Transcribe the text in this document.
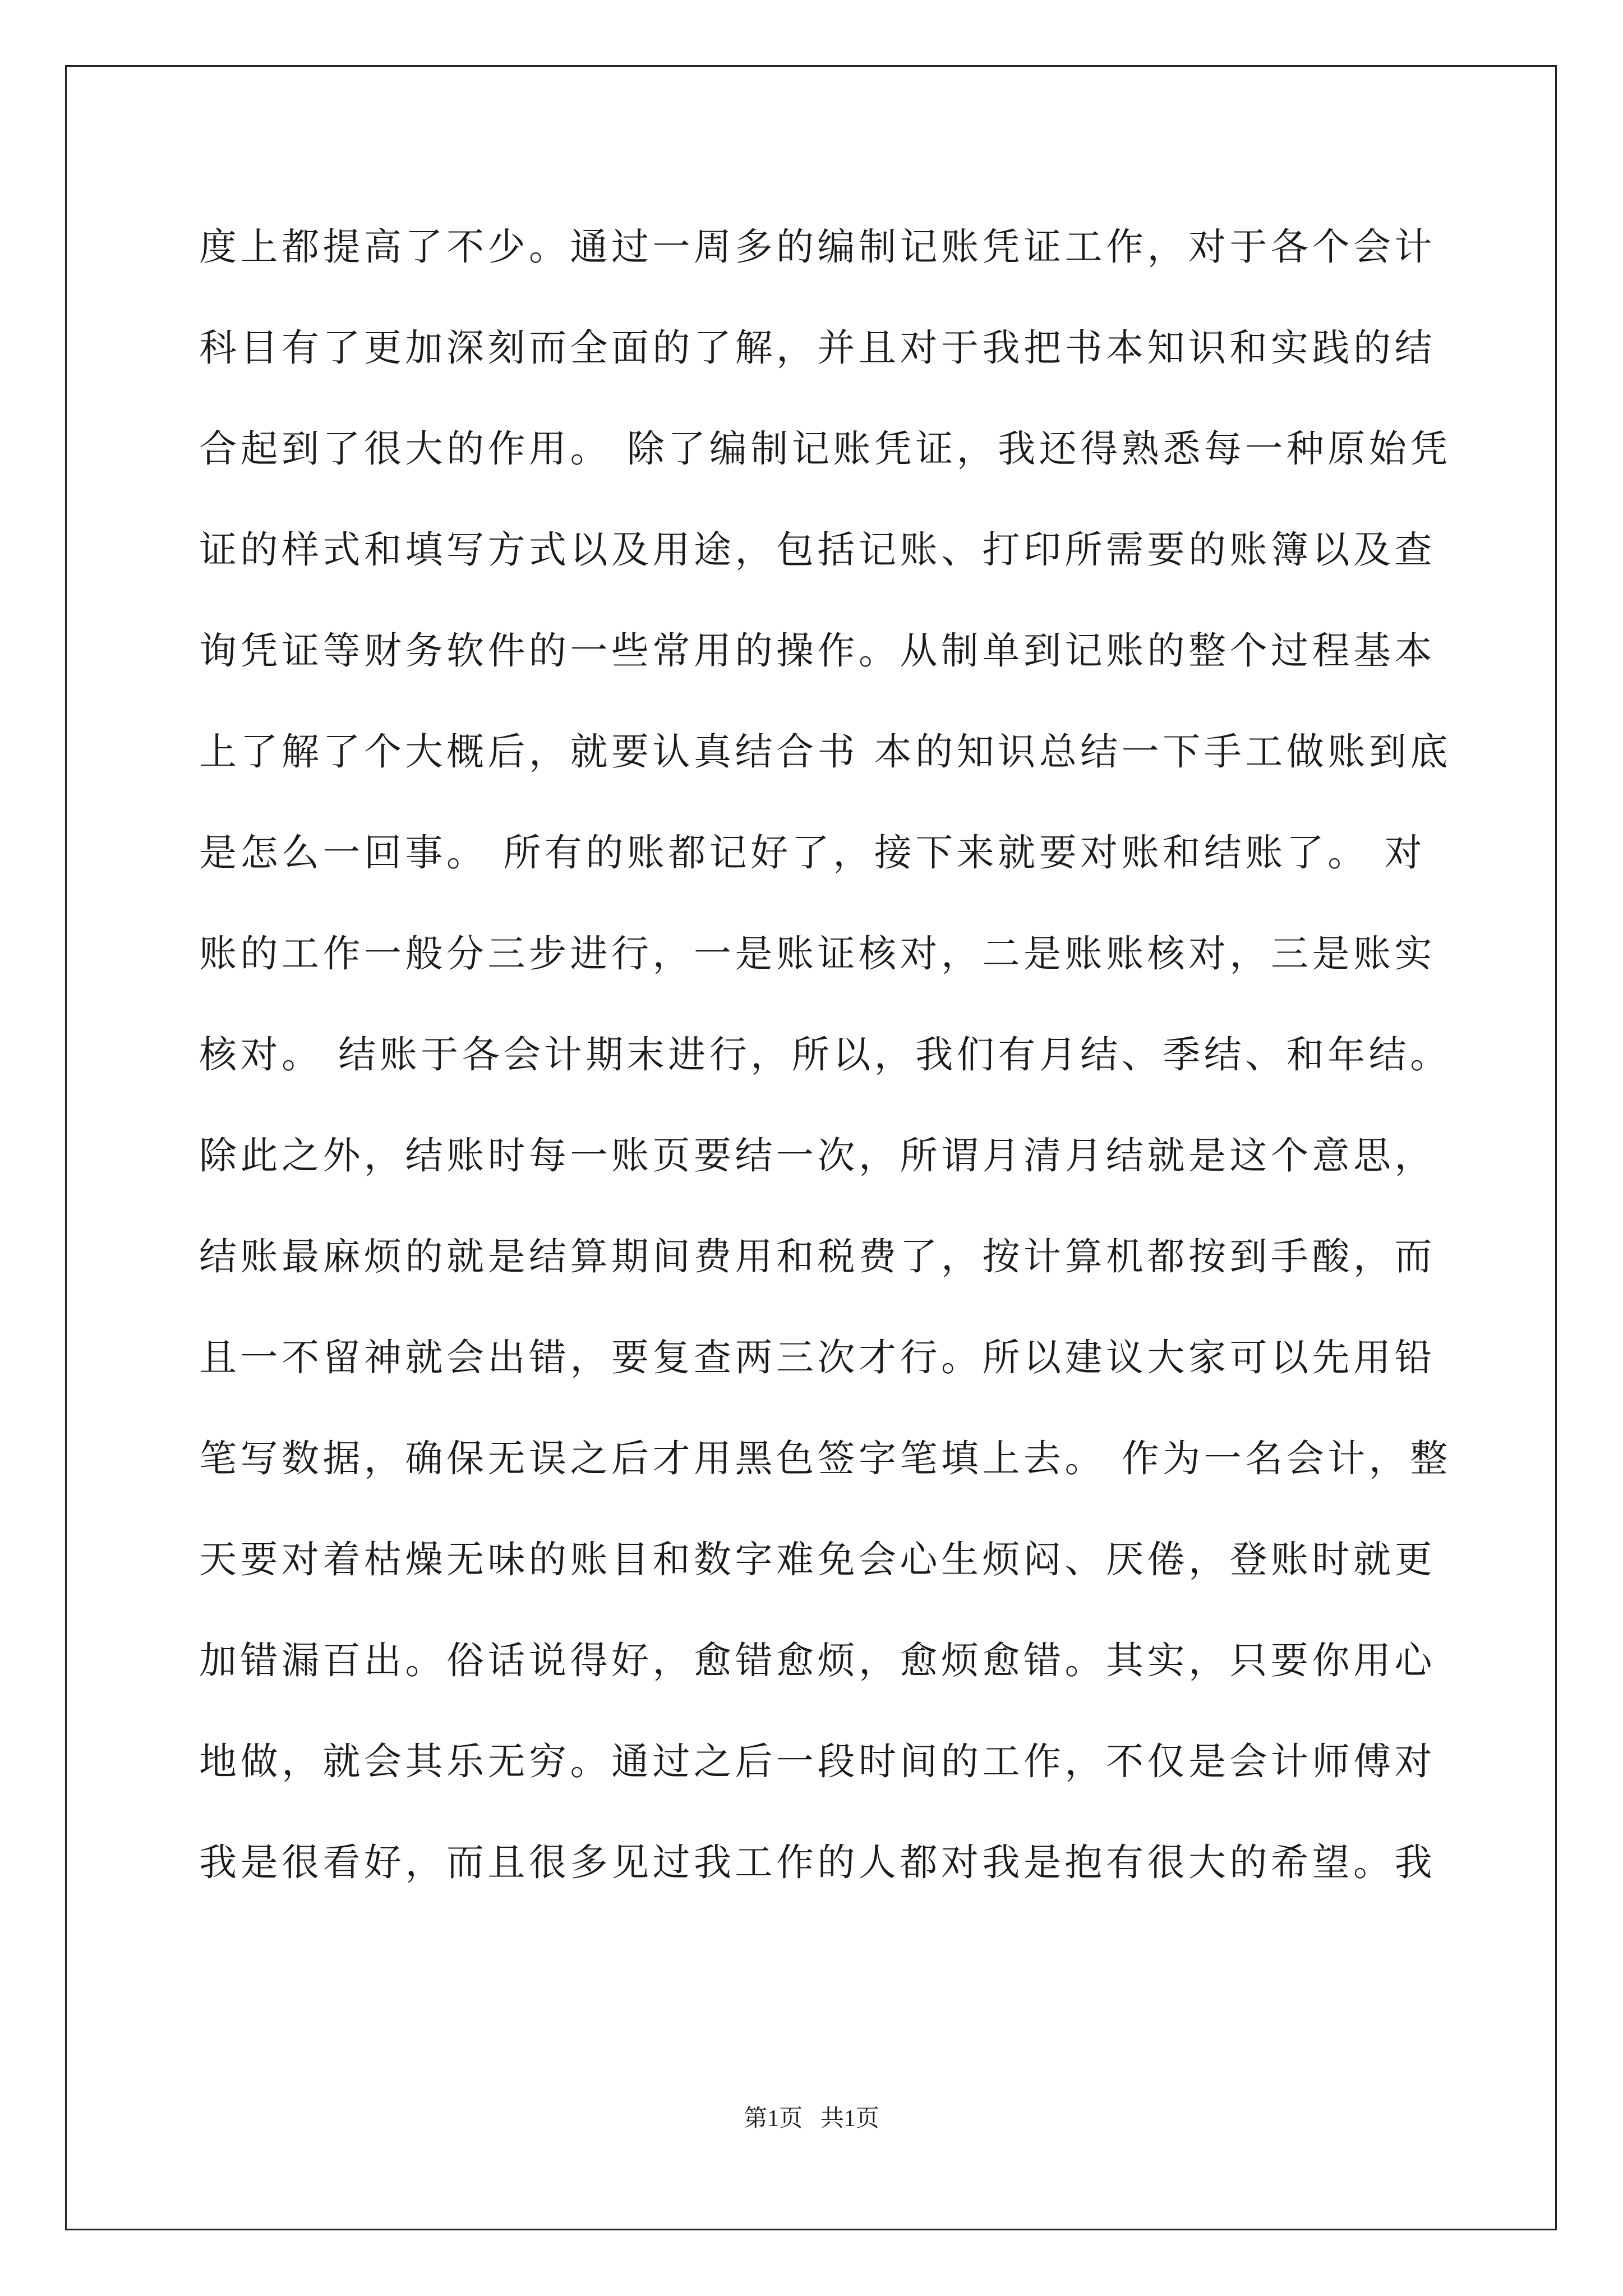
度上都提高了不少。通过一周多的编制记账凭证工作，对于各个会计
科目有了更加深刻而全面的了解，并且对于我把书本知识和实践的结
合起到了很大的作用。 除了编制记账凭证，我还得熟悉每一种原始凭
证的样式和填写方式以及用途，包括记账、打印所需要的账簿以及查
询凭证等财务软件的一些常用的操作。从制单到记账的整个过程基本
上了解了个大概后，就要认真结合书 本的知识总结一下手工做账到底
是怎么一回事。 所有的账都记好了，接下来就要对账和结账了。 对
账的工作一般分三步进行，一是账证核对，二是账账核对，三是账实
核对。 结账于各会计期末进行，所以，我们有月结、季结、和年结。
除此之外，结账时每一账页要结一次，所谓月清月结就是这个意思，
结账最麻烦的就是结算期间费用和税费了，按计算机都按到手酸，而
且一不留神就会出错，要复查两三次才行。所以建议大家可以先用铅
笔写数据，确保无误之后才用黑色签字笔填上去。 作为一名会计，整
天要对着枯燥无味的账目和数字难免会心生烦闷、厌倦，登账时就更
加错漏百出。俗话说得好，愈错愈烦，愈烦愈错。其实，只要你用心
地做，就会其乐无穷。通过之后一段时间的工作，不仅是会计师傅对
我是很看好，而且很多见过我工作的人都对我是抱有很大的希望。我
第1页   共1页
